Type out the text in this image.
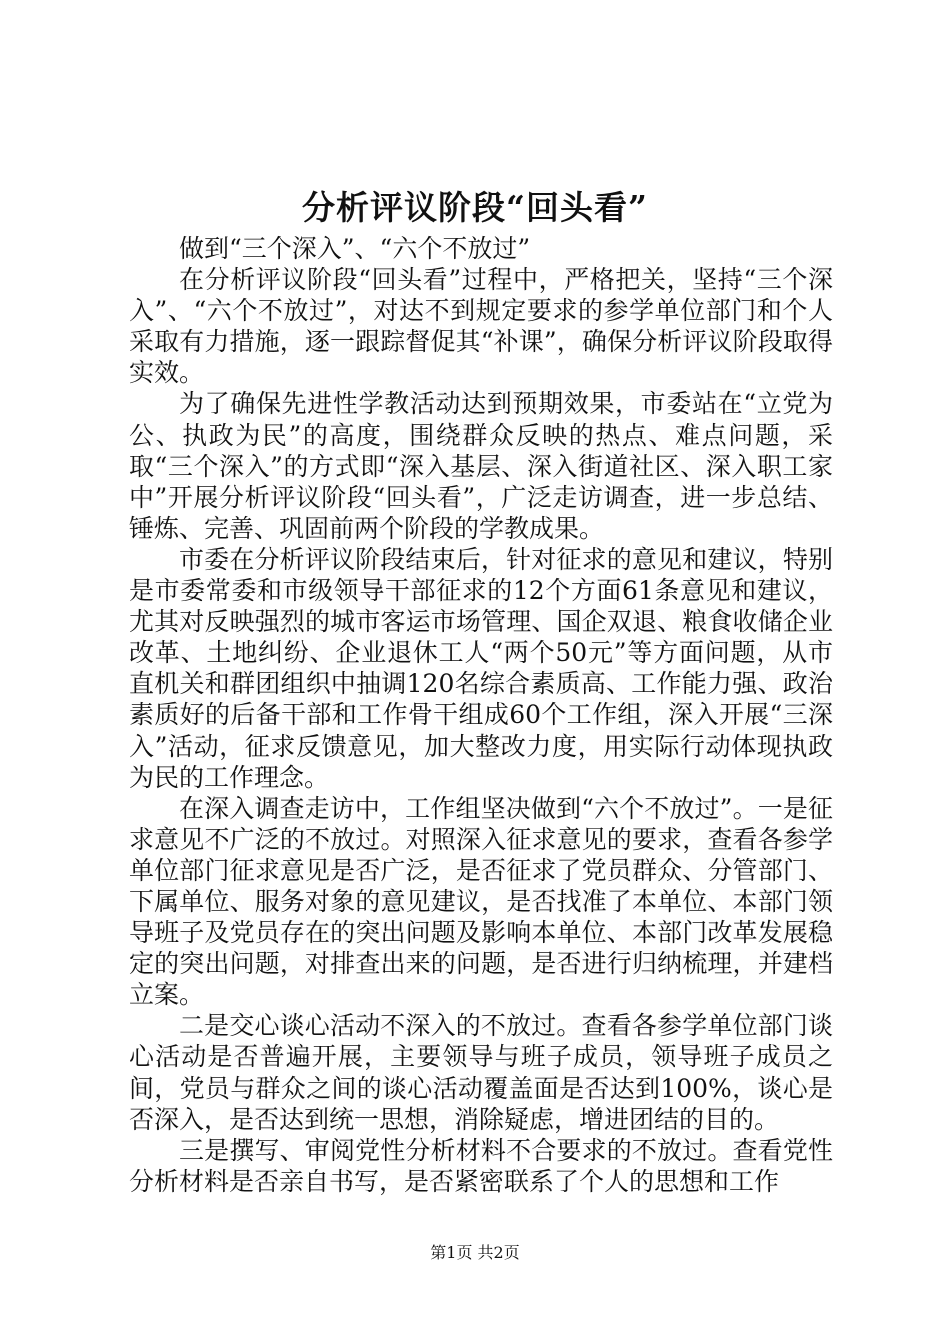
分析评议阶段“回头看”

做到“三个深入”、“六个不放过”

在分析评议阶段“回头看”过程中，严格把关，坚持“三个深入”、“六个不放过”，对达不到规定要求的参学单位部门和个人采取有力措施，逐一跟踪督促其“补课”，确保分析评议阶段取得实效。

为了确保先进性学教活动达到预期效果，市委站在“立党为公、执政为民”的高度，围绕群众反映的热点、难点问题，采取“三个深入”的方式即“深入基层、深入街道社区、深入职工家中”开展分析评议阶段“回头看”，广泛走访调查，进一步总结、锤炼、完善、巩固前两个阶段的学教成果。

市委在分析评议阶段结束后，针对征求的意见和建议，特别是市委常委和市级领导干部征求的12个方面61条意见和建议，尤其对反映强烈的城市客运市场管理、国企双退、粮食收储企业改革、土地纠纷、企业退休工人“两个50元”等方面问题，从市直机关和群团组织中抽调120名综合素质高、工作能力强、政治素质好的后备干部和工作骨干组成60个工作组，深入开展“三深入”活动，征求反馈意见，加大整改力度，用实际行动体现执政为民的工作理念。

在深入调查走访中，工作组坚决做到“六个不放过”。一是征求意见不广泛的不放过。对照深入征求意见的要求，查看各参学单位部门征求意见是否广泛，是否征求了党员群众、分管部门、下属单位、服务对象的意见建议，是否找准了本单位、本部门领导班子及党员存在的突出问题及影响本单位、本部门改革发展稳定的突出问题，对排查出来的问题，是否进行归纳梳理，并建档立案。

二是交心谈心活动不深入的不放过。查看各参学单位部门谈心活动是否普遍开展，主要领导与班子成员，领导班子成员之间，党员与群众之间的谈心活动覆盖面是否达到100%，谈心是否深入，是否达到统一思想，消除疑虑，增进团结的目的。

三是撰写、审阅党性分析材料不合要求的不放过。查看党性分析材料是否亲自书写，是否紧密联系了个人的思想和工作

第1页 共2页
